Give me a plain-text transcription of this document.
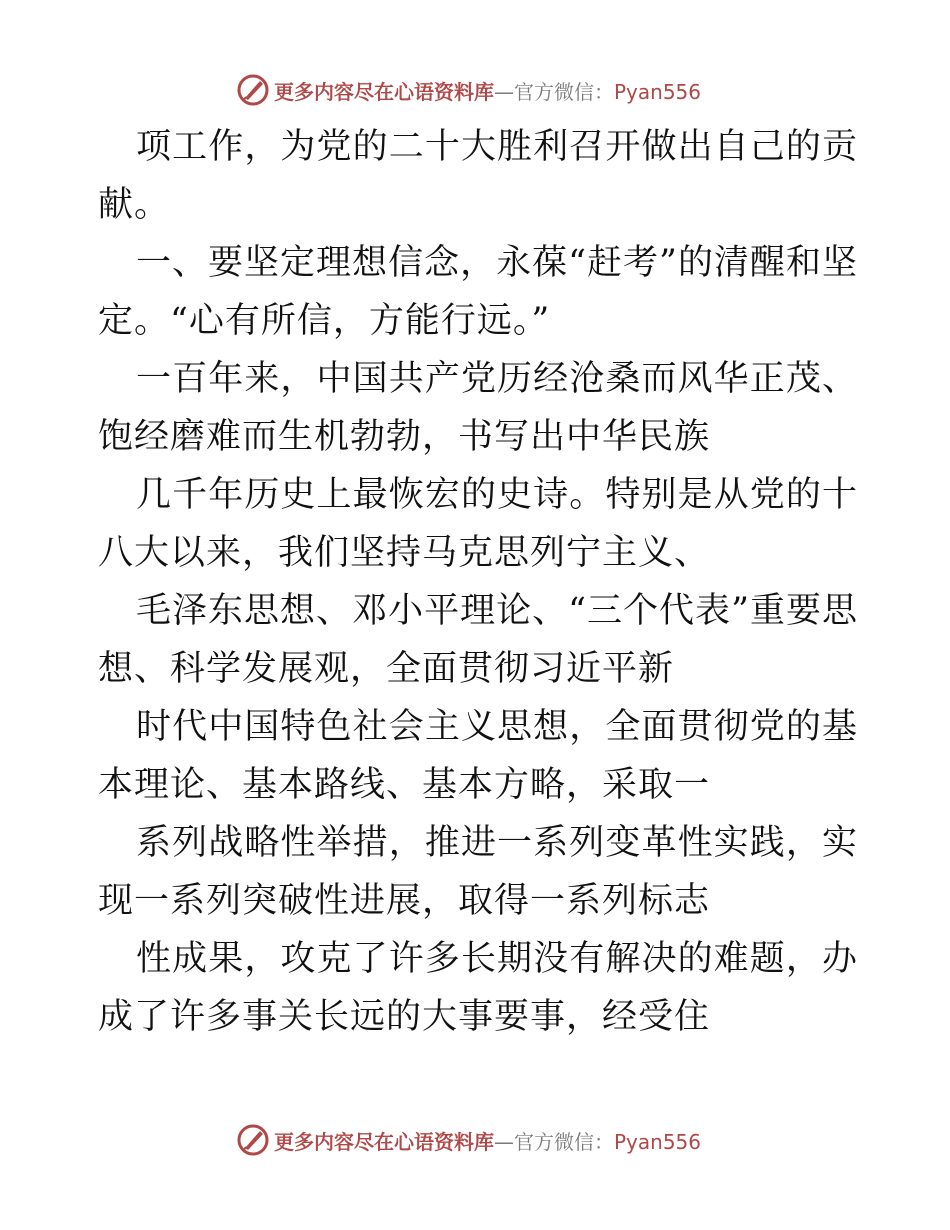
更多内容尽在心语资料库—官方微信：Pyan556

项工作，为党的二十大胜利召开做出自己的贡献。

一、要坚定理想信念，永葆“赶考”的清醒和坚定。“心有所信，方能行远。”

一百年来，中国共产党历经沧桑而风华正茂、饱经磨难而生机勃勃，书写出中华民族

几千年历史上最恢宏的史诗。特别是从党的十八大以来，我们坚持马克思列宁主义、

毛泽东思想、邓小平理论、“三个代表”重要思想、科学发展观，全面贯彻习近平新

时代中国特色社会主义思想，全面贯彻党的基本理论、基本路线、基本方略，采取一

系列战略性举措，推进一系列变革性实践，实现一系列突破性进展，取得一系列标志

性成果，攻克了许多长期没有解决的难题，办成了许多事关长远的大事要事，经受住

更多内容尽在心语资料库—官方微信：Pyan556
